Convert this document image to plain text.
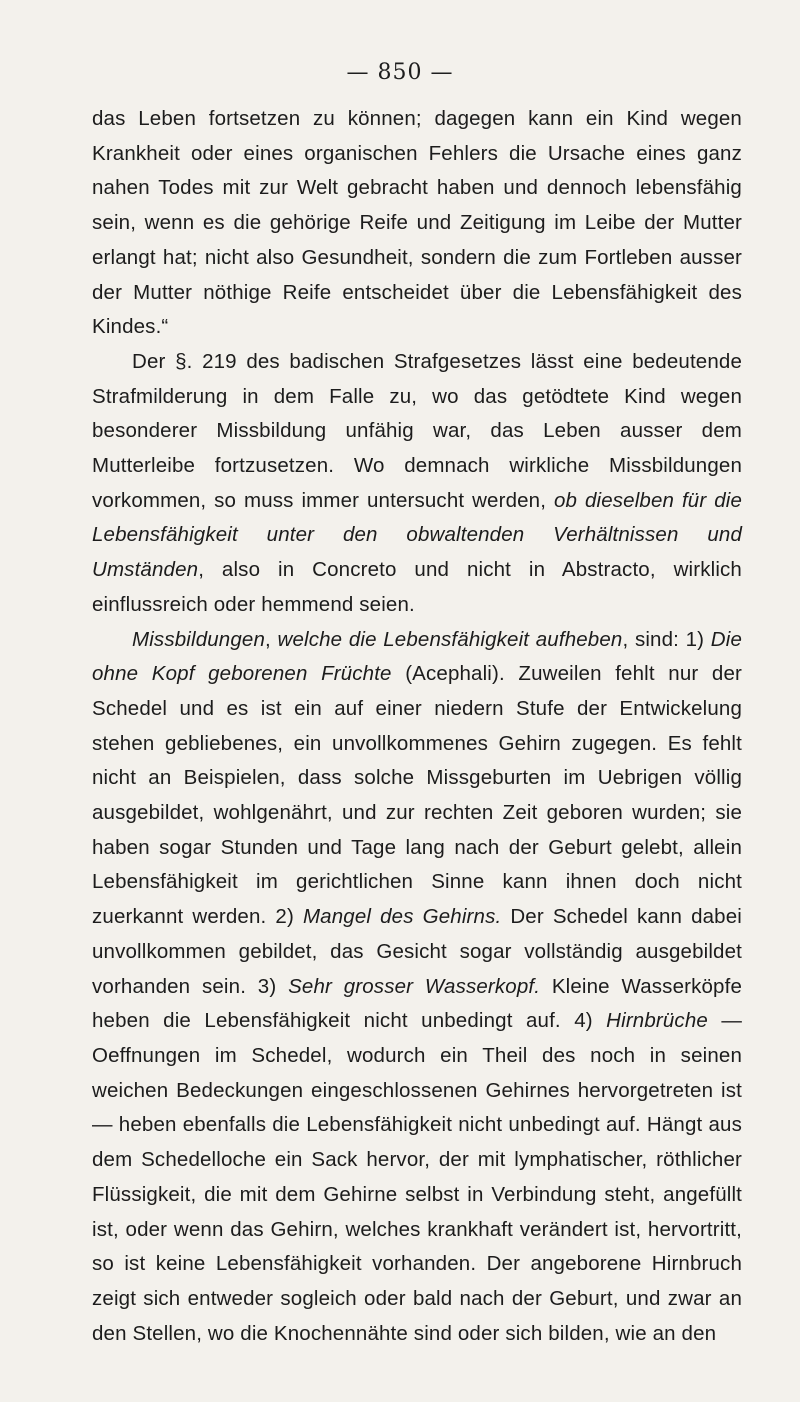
— 850 —

das Leben fortsetzen zu können; dagegen kann ein Kind wegen Krankheit oder eines organischen Fehlers die Ursache eines ganz nahen Todes mit zur Welt gebracht haben und dennoch lebensfähig sein, wenn es die gehörige Reife und Zeitigung im Leibe der Mutter erlangt hat; nicht also Gesundheit, sondern die zum Fortleben ausser der Mutter nöthige Reife entscheidet über die Lebensfähigkeit des Kindes.“

Der §. 219 des badischen Strafgesetzes lässt eine bedeutende Strafmilderung in dem Falle zu, wo das getödtete Kind wegen besonderer Missbildung unfähig war, das Leben ausser dem Mutterleibe fortzusetzen. Wo demnach wirkliche Missbildungen vorkommen, so muss immer untersucht werden, ob dieselben für die Lebensfähigkeit unter den obwaltenden Verhältnissen und Umständen, also in Concreto und nicht in Abstracto, wirklich einflussreich oder hemmend seien.

Missbildungen, welche die Lebensfähigkeit aufheben, sind: 1) Die ohne Kopf geborenen Früchte (Acephali). Zuweilen fehlt nur der Schedel und es ist ein auf einer niedern Stufe der Entwickelung stehen gebliebenes, ein unvollkommenes Gehirn zugegen. Es fehlt nicht an Beispielen, dass solche Missgeburten im Uebrigen völlig ausgebildet, wohlgenährt, und zur rechten Zeit geboren wurden; sie haben sogar Stunden und Tage lang nach der Geburt gelebt, allein Lebensfähigkeit im gerichtlichen Sinne kann ihnen doch nicht zuerkannt werden. 2) Mangel des Gehirns. Der Schedel kann dabei unvollkommen gebildet, das Gesicht sogar vollständig ausgebildet vorhanden sein. 3) Sehr grosser Wasserkopf. Kleine Wasserköpfe heben die Lebensfähigkeit nicht unbedingt auf. 4) Hirnbrüche — Oeffnungen im Schedel, wodurch ein Theil des noch in seinen weichen Bedeckungen eingeschlossenen Gehirnes hervorgetreten ist — heben ebenfalls die Lebensfähigkeit nicht unbedingt auf. Hängt aus dem Schedelloche ein Sack hervor, der mit lymphatischer, röthlicher Flüssigkeit, die mit dem Gehirne selbst in Verbindung steht, angefüllt ist, oder wenn das Gehirn, welches krankhaft verändert ist, hervortritt, so ist keine Lebensfähigkeit vorhanden. Der angeborene Hirnbruch zeigt sich entweder sogleich oder bald nach der Geburt, und zwar an den Stellen, wo die Knochennähte sind oder sich bilden, wie an den
